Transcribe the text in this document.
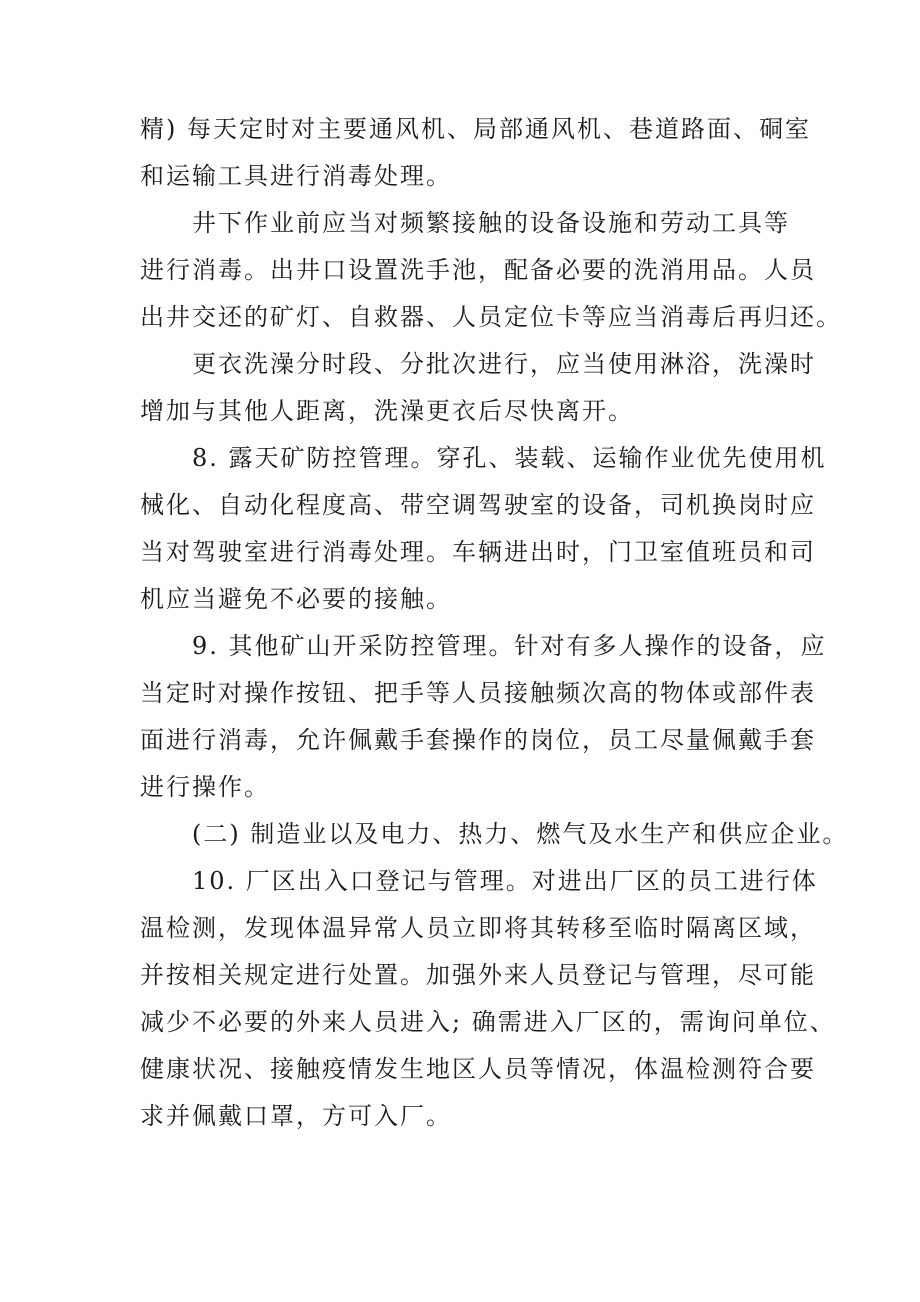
精) 每天定时对主要通风机、局部通风机、巷道路面、硐室
和运输工具进行消毒处理。

井下作业前应当对频繁接触的设备设施和劳动工具等
进行消毒。出井口设置洗手池，配备必要的洗消用品。人员
出井交还的矿灯、自救器、人员定位卡等应当消毒后再归还。

更衣洗澡分时段、分批次进行，应当使用淋浴，洗澡时
增加与其他人距离，洗澡更衣后尽快离开。

8. 露天矿防控管理。穿孔、装载、运输作业优先使用机
械化、自动化程度高、带空调驾驶室的设备，司机换岗时应
当对驾驶室进行消毒处理。车辆进出时，门卫室值班员和司
机应当避免不必要的接触。

9. 其他矿山开采防控管理。针对有多人操作的设备，应
当定时对操作按钮、把手等人员接触频次高的物体或部件表
面进行消毒，允许佩戴手套操作的岗位，员工尽量佩戴手套
进行操作。

(二) 制造业以及电力、热力、燃气及水生产和供应企业。

10. 厂区出入口登记与管理。对进出厂区的员工进行体
温检测，发现体温异常人员立即将其转移至临时隔离区域，
并按相关规定进行处置。加强外来人员登记与管理，尽可能
减少不必要的外来人员进入; 确需进入厂区的，需询问单位、
健康状况、接触疫情发生地区人员等情况，体温检测符合要
求并佩戴口罩，方可入厂。
